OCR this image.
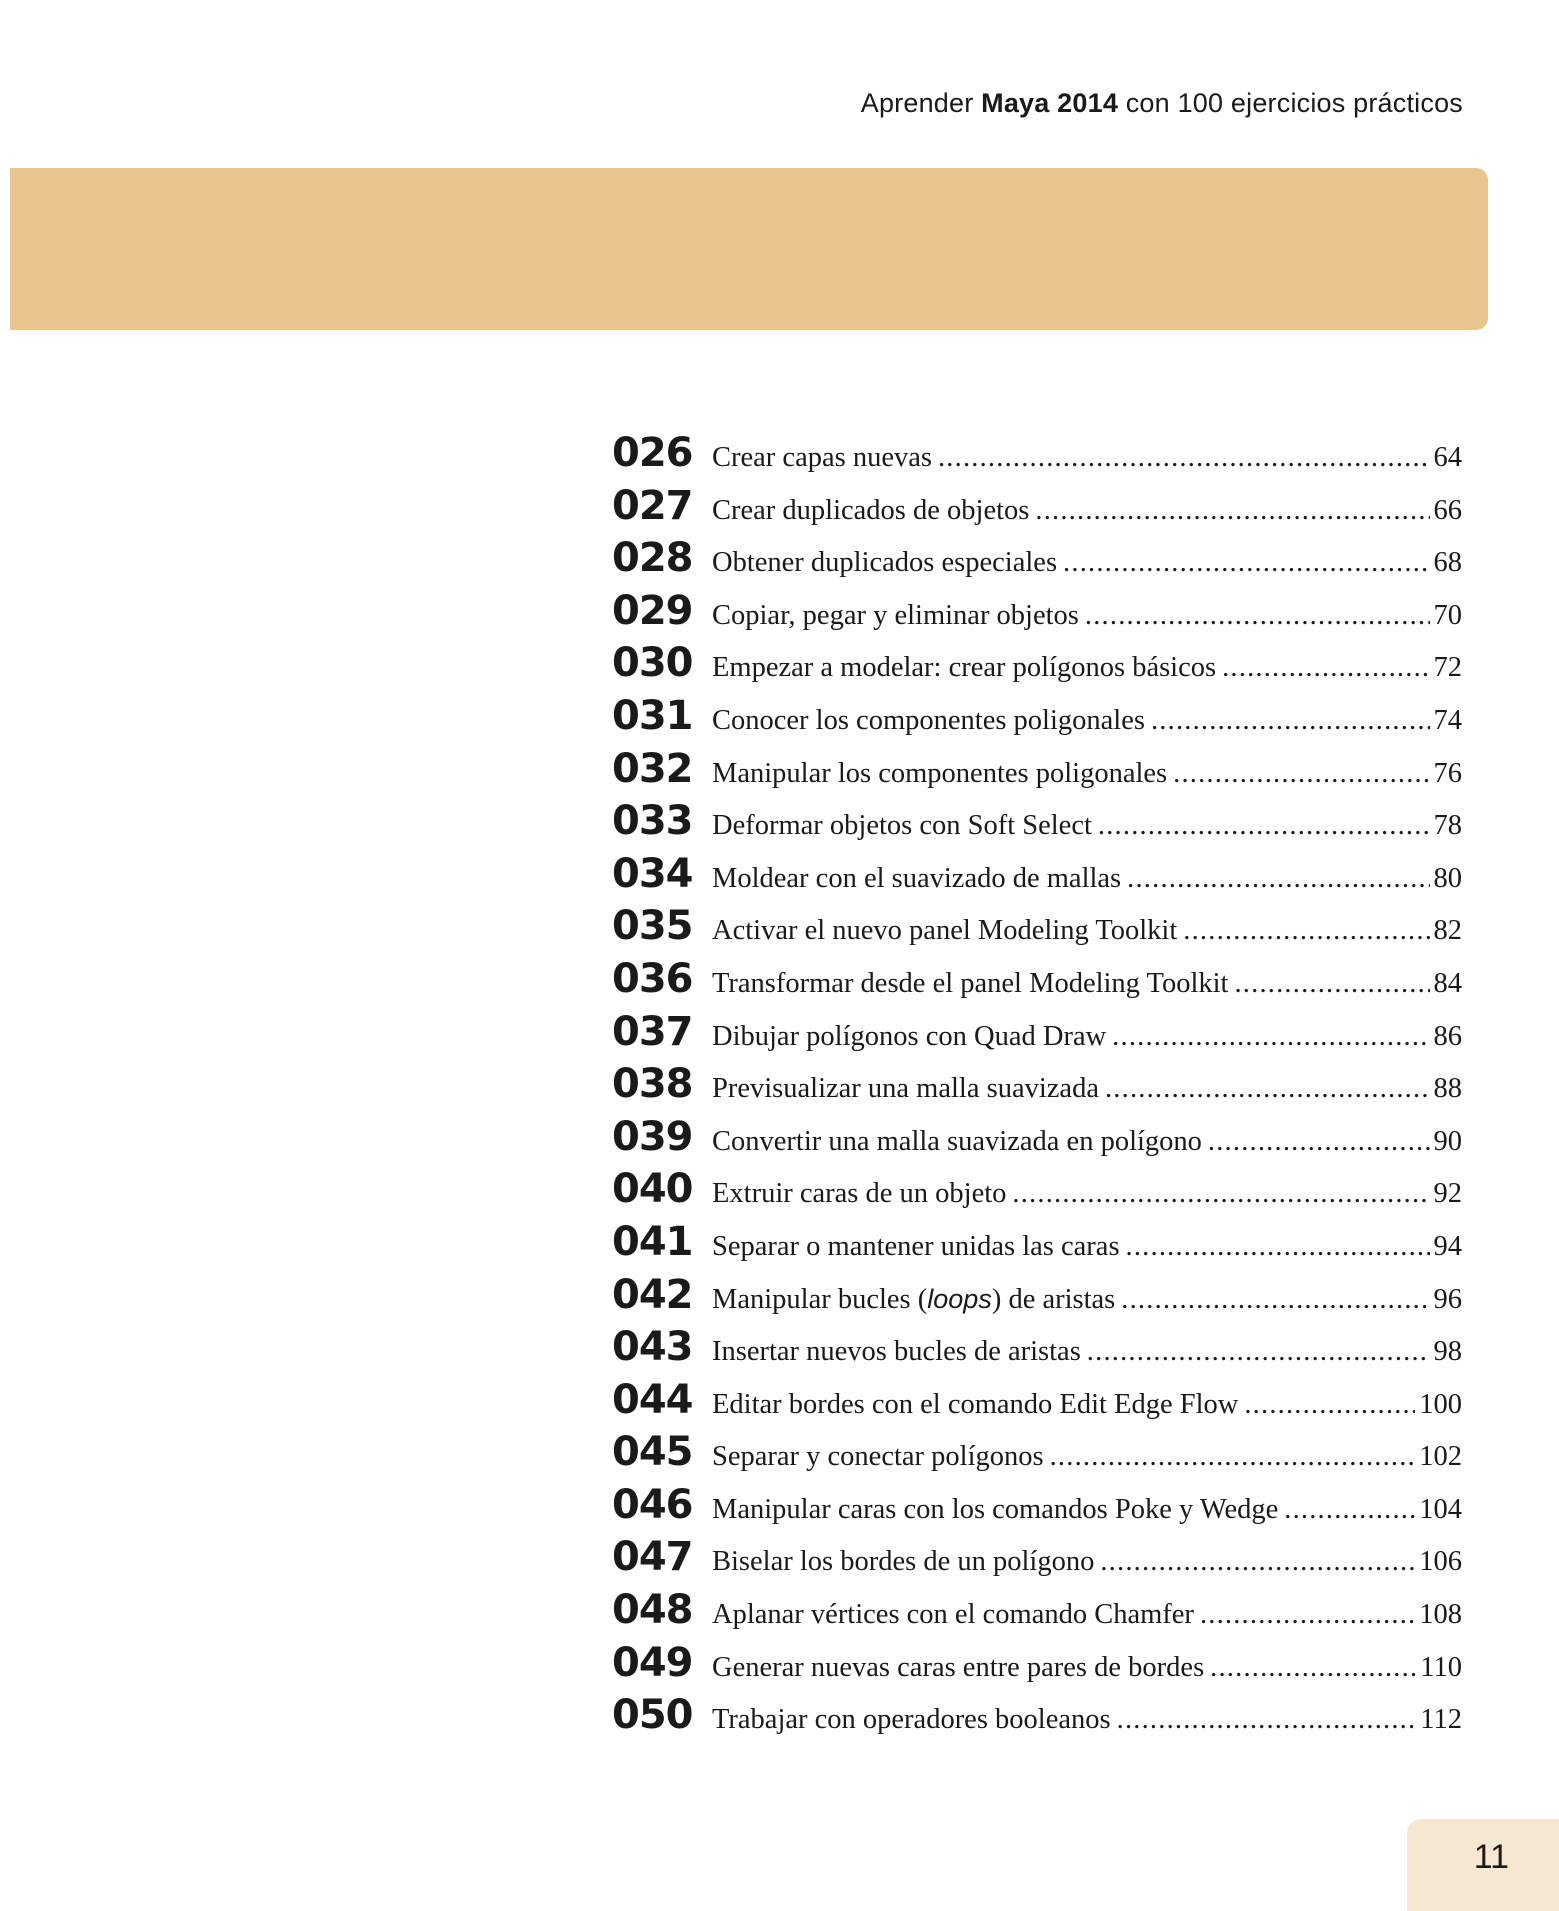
Aprender Maya 2014 con 100 ejercicios prácticos
026 Crear capas nuevas .....	64
027 Crear duplicados de objetos .....	66
028 Obtener duplicados especiales .....	68
029 Copiar, pegar y eliminar objetos .....	70
030 Empezar a modelar: crear polígonos básicos .....	72
031 Conocer los componentes poligonales .....	74
032 Manipular los componentes poligonales .....	76
033 Deformar objetos con Soft Select .....	78
034 Moldear con el suavizado de mallas .....	80
035 Activar el nuevo panel Modeling Toolkit .....	82
036 Transformar desde el panel Modeling Toolkit .....	84
037 Dibujar polígonos con Quad Draw .....	86
038 Previsualizar una malla suavizada .....	88
039 Convertir una malla suavizada en polígono .....	90
040 Extruir caras de un objeto .....	92
041 Separar o mantener unidas las caras .....	94
042 Manipular bucles (loops) de aristas .....	96
043 Insertar nuevos bucles de aristas .....	98
044 Editar bordes con el comando Edit Edge Flow .....	100
045 Separar y conectar polígonos .....	102
046 Manipular caras con los comandos Poke y Wedge .....	104
047 Biselar los bordes de un polígono .....	106
048 Aplanar vértices con el comando Chamfer .....	108
049 Generar nuevas caras entre pares de bordes .....	110
050 Trabajar con operadores booleanos .....	112
11
